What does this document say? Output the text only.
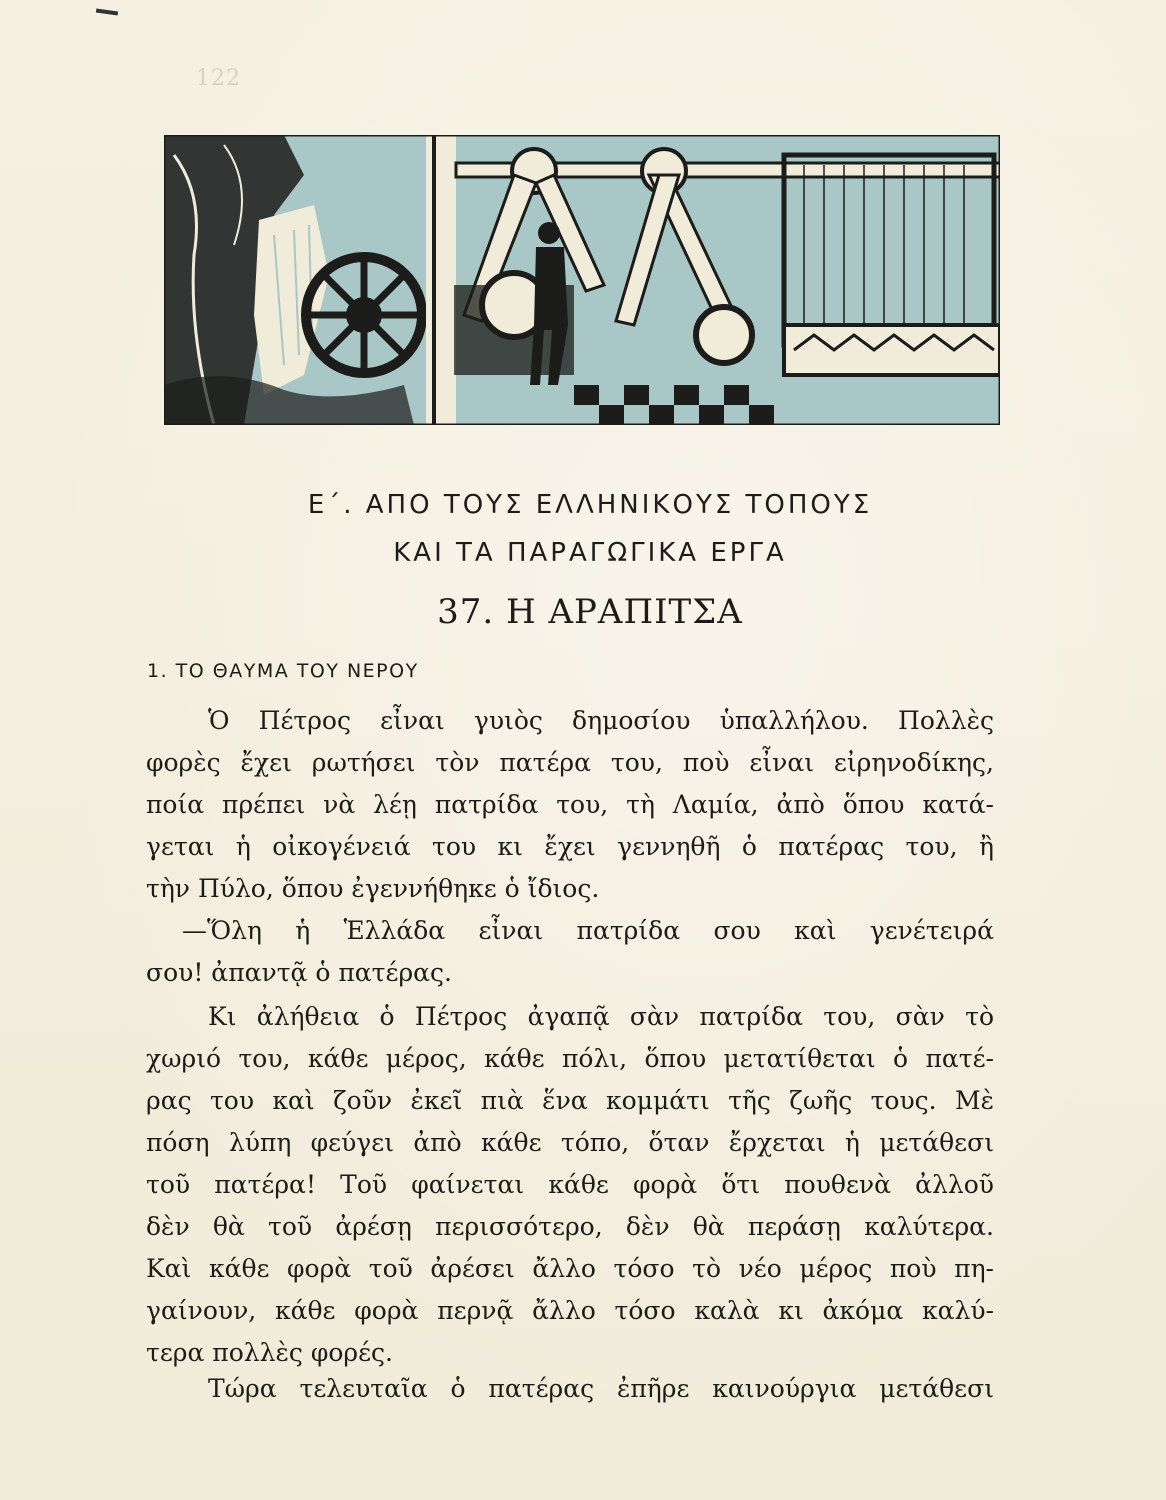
122
Ε΄. ΑΠΟ ΤΟΥΣ ΕΛΛΗΝΙΚΟΥΣ ΤΟΠΟΥΣ
ΚΑΙ ΤΑ ΠΑΡΑΓΩΓΙΚΑ ΕΡΓΑ
37. Η ΑΡΑΠΙΤΣΑ
1. ΤΟ ΘΑΥΜΑ ΤΟΥ ΝΕΡΟΥ
Ὁ Πέτρος εἶναι γυιὸς δημοσίου ὑπαλλήλου. Πολλὲς
φορὲς ἔχει ρωτήσει τὸν πατέρα του, ποὺ εἶναι εἰρηνοδίκης,
ποία πρέπει νὰ λέῃ πατρίδα του, τὴ Λαμία, ἀπὸ ὅπου κατά-
γεται ἡ οἰκογένειά του κι ἔχει γεννηθῆ ὁ πατέρας του, ἢ
τὴν Πύλο, ὅπου ἐγεννήθηκε ὁ ἴδιος.
—Ὅλη ἡ Ἑλλάδα εἶναι πατρίδα σου καὶ γενέτειρά
σου! ἀπαντᾷ ὁ πατέρας.
Κι ἀλήθεια ὁ Πέτρος ἀγαπᾷ σὰν πατρίδα του, σὰν τὸ
χωριό του, κάθε μέρος, κάθε πόλι, ὅπου μετατίθεται ὁ πατέ-
ρας του καὶ ζοῦν ἐκεῖ πιὰ ἕνα κομμάτι τῆς ζωῆς τους. Μὲ
πόση λύπη φεύγει ἀπὸ κάθε τόπο, ὅταν ἔρχεται ἡ μετάθεσι
τοῦ πατέρα! Τοῦ φαίνεται κάθε φορὰ ὅτι πουθενὰ ἀλλοῦ
δὲν θὰ τοῦ ἀρέσῃ περισσότερο, δὲν θὰ περάσῃ καλύτερα.
Καὶ κάθε φορὰ τοῦ ἀρέσει ἄλλο τόσο τὸ νέο μέρος ποὺ πη-
γαίνουν, κάθε φορὰ περνᾷ ἄλλο τόσο καλὰ κι ἀκόμα καλύ-
τερα πολλὲς φορές.
Τώρα τελευταῖα ὁ πατέρας ἐπῆρε καινούργια μετάθεσι
